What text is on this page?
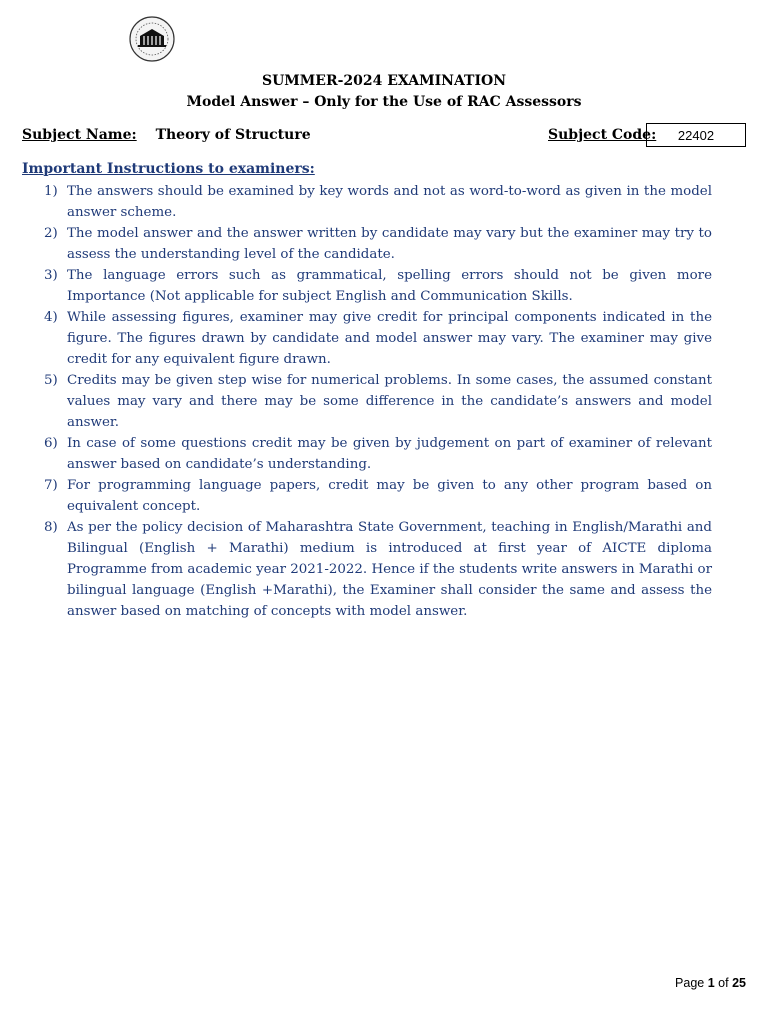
SUMMER-2024 EXAMINATION
Model Answer – Only for the Use of RAC Assessors
Subject Name: Theory of Structure	Subject Code:	22402
Important Instructions to examiners:
1) The answers should be examined by key words and not as word-to-word as given in the model answer scheme.
2) The model answer and the answer written by candidate may vary but the examiner may try to assess the understanding level of the candidate.
3) The language errors such as grammatical, spelling errors should not be given more Importance (Not applicable for subject English and Communication Skills.
4) While assessing figures, examiner may give credit for principal components indicated in the figure. The figures drawn by candidate and model answer may vary. The examiner may give credit for any equivalent figure drawn.
5) Credits may be given step wise for numerical problems. In some cases, the assumed constant values may vary and there may be some difference in the candidate’s answers and model answer.
6) In case of some questions credit may be given by judgement on part of examiner of relevant answer based on candidate’s understanding.
7) For programming language papers, credit may be given to any other program based on equivalent concept.
8) As per the policy decision of Maharashtra State Government, teaching in English/Marathi and Bilingual (English + Marathi) medium is introduced at first year of AICTE diploma Programme from academic year 2021-2022. Hence if the students write answers in Marathi or bilingual language (English +Marathi), the Examiner shall consider the same and assess the answer based on matching of concepts with model answer.
Page 1 of 25
